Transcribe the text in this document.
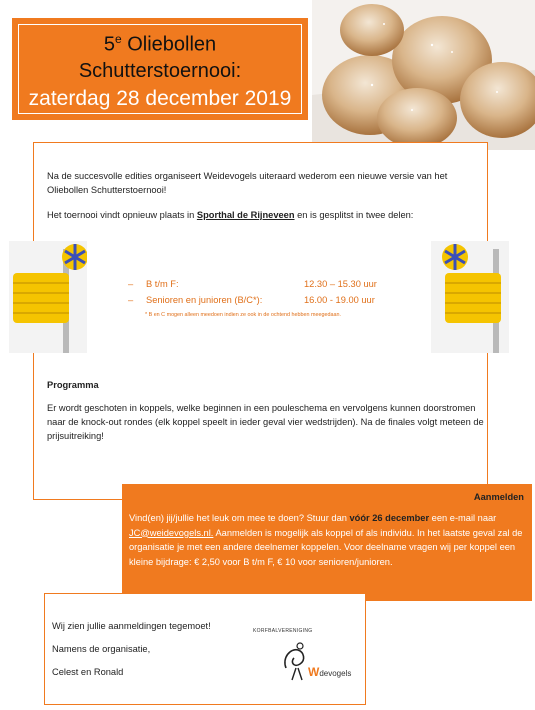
5e Oliebollen
Schutterstoernooi:
zaterdag 28 december 2019
Na de succesvolle edities organiseert Weidevogels uiteraard wederom een nieuwe versie van het Oliebollen Schutterstoernooi!
Het toernooi vindt opnieuw plaats in Sporthal de Rijneveen en is gesplitst in twee delen:
– B t/m F:	12.30 – 15.30 uur
– Senioren en junioren (B/C*):	16.00 - 19.00 uur
* B en C mogen alleen meedoen indien ze ook in de ochtend hebben meegedaan.
Programma
Er wordt geschoten in koppels, welke beginnen in een pouleschema en vervolgens kunnen doorstromen naar de knock-out rondes (elk koppel speelt in ieder geval vier wedstrijden). Na de finales volgt meteen de prijsuitreiking!
Aanmelden
Vind(en) jij/jullie het leuk om mee te doen? Stuur dan vóór 26 december een e-mail naar JC@weidevogels.nl. Aanmelden is mogelijk als koppel of als individu. In het laatste geval zal de organisatie je met een andere deelnemer koppelen. Voor deelname vragen wij per koppel een kleine bijdrage: € 2,50 voor B t/m F, € 10 voor senioren/junioren.
Wij zien jullie aanmeldingen tegemoet!
Namens de organisatie,
Celest en Ronald
KORFBALVERENIGING
Wdevogels
